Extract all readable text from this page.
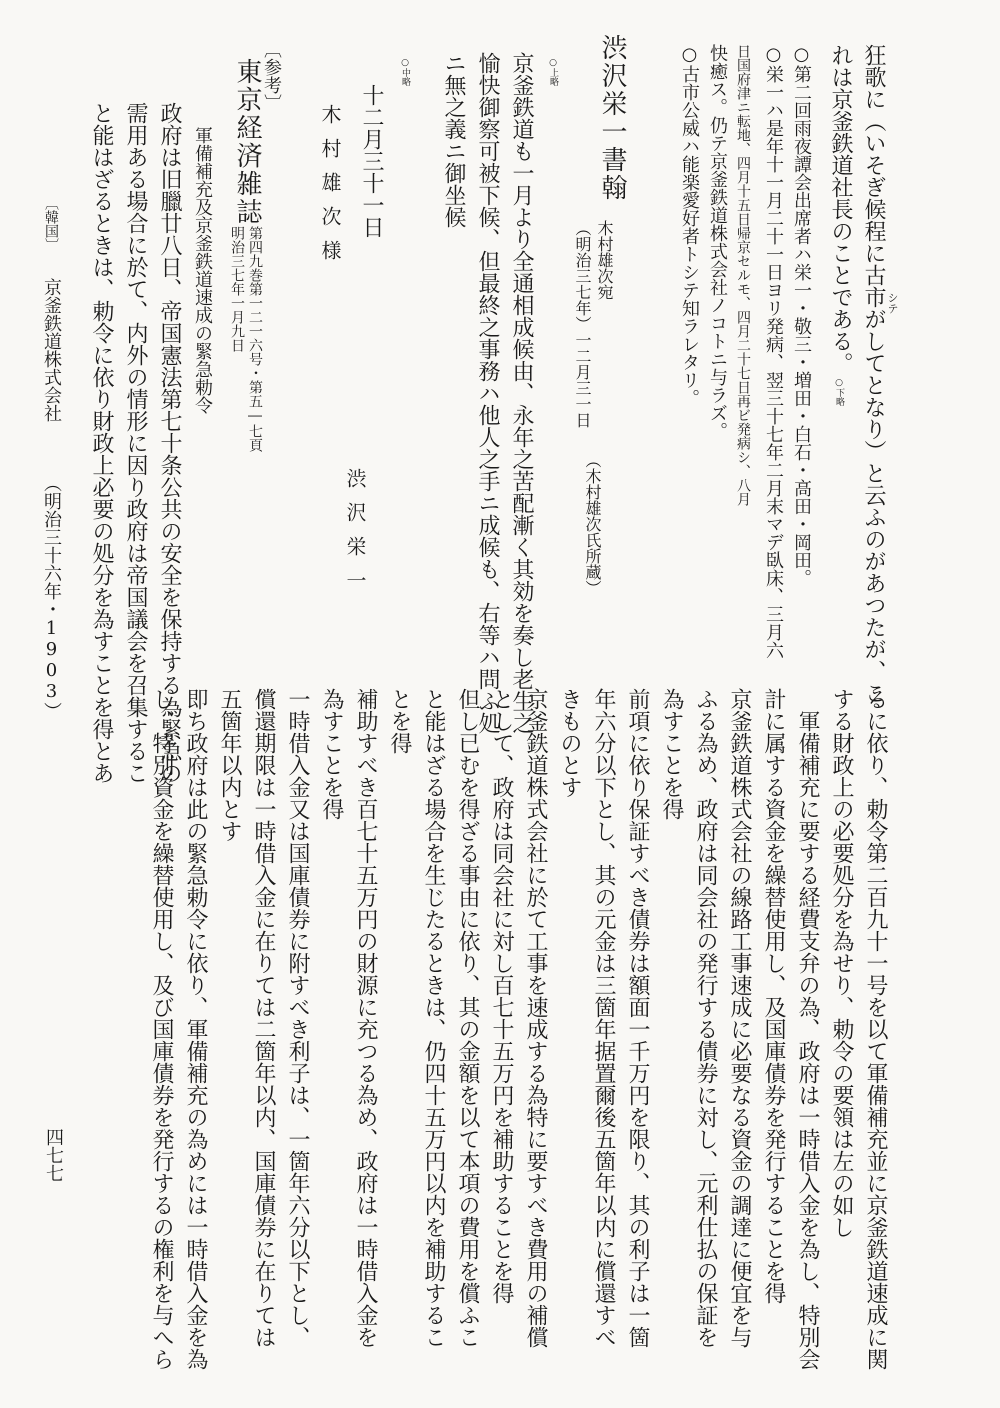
狂歌に（いそぎ候程に古市がしてとなり）と云ふのがあつたが、こ シテ
れは京釜鉄道社長のことである。
○下略
○第二回雨夜譚会出席者ハ栄一・敬三・増田・白石・高田・岡田。
○栄一ハ是年十一月二十一日ヨリ発病、翌三十七年二月末マデ臥床、三月六
日国府津ニ転地、四月十五日帰京セルモ、四月二十七日再ビ発病シ、八月
快癒ス。仍テ京釜鉄道株式会社ノコトニ与ラズ。
○古市公威ハ能楽愛好者トシテ知ラレタリ。
渋沢栄一書翰
木村雄次宛
（明治三七年）一二月三一日
（木村雄次氏所蔵）
○上略
京釜鉄道も一月より全通相成候由、永年之苦配漸く其効を奏し老生之
愉快御察可被下候、但最終之事務ハ他人之手ニ成候も、右等ハ問ふ処
ニ無之義ニ御坐候
○中略
十二月三十一日
渋沢栄一
木村雄次様
〔参考〕
東京経済雑誌
第四九巻第一二一六号・第五―七頁
明治三七年一月九日
軍備補充及京釜鉄道速成の緊急勅令
政府は旧臘廿八日、帝国憲法第七十条公共の安全を保持する為緊急の
需用ある場合に於て、内外の情形に因り政府は帝国議会を召集するこ
と能はざるときは、勅令に依り財政上必要の処分を為すことを得とあ
るに依り、勅令第二百九十一号を以て軍備補充並に京釜鉄道速成に関
する財政上の必要処分を為せり、勅令の要領は左の如し
軍備補充に要する経費支弁の為、政府は一時借入金を為し、特別会
計に属する資金を繰替使用し、及国庫債券を発行することを得
京釜鉄道株式会社の線路工事速成に必要なる資金の調達に便宜を与
ふる為め、政府は同会社の発行する債券に対し、元利仕払の保証を
為すことを得
前項に依り保証すべき債券は額面一千万円を限り、其の利子は一箇
年六分以下とし、其の元金は三箇年据置爾後五箇年以内に償還すべ
きものとす
京釜鉄道株式会社に於て工事を速成する為特に要すべき費用の補償
として、政府は同会社に対し百七十五万円を補助することを得
但し已むを得ざる事由に依り、其の金額を以て本項の費用を償ふこ
と能はざる場合を生じたるときは、仍四十五万円以内を補助するこ
とを得
補助すべき百七十五万円の財源に充つる為め、政府は一時借入金を
為すことを得
一時借入金又は国庫債券に附すべき利子は、一箇年六分以下とし、
償還期限は一時借入金に在りては二箇年以内、国庫債券に在りては
五箇年以内とす
即ち政府は此の緊急勅令に依り、軍備補充の為めには一時借入金を為
し、特別資金を繰替使用し、及び国庫債券を発行するの権利を与へら
〔韓国〕
京釜鉄道株式会社
（明治三十六年・1903）
四七七
